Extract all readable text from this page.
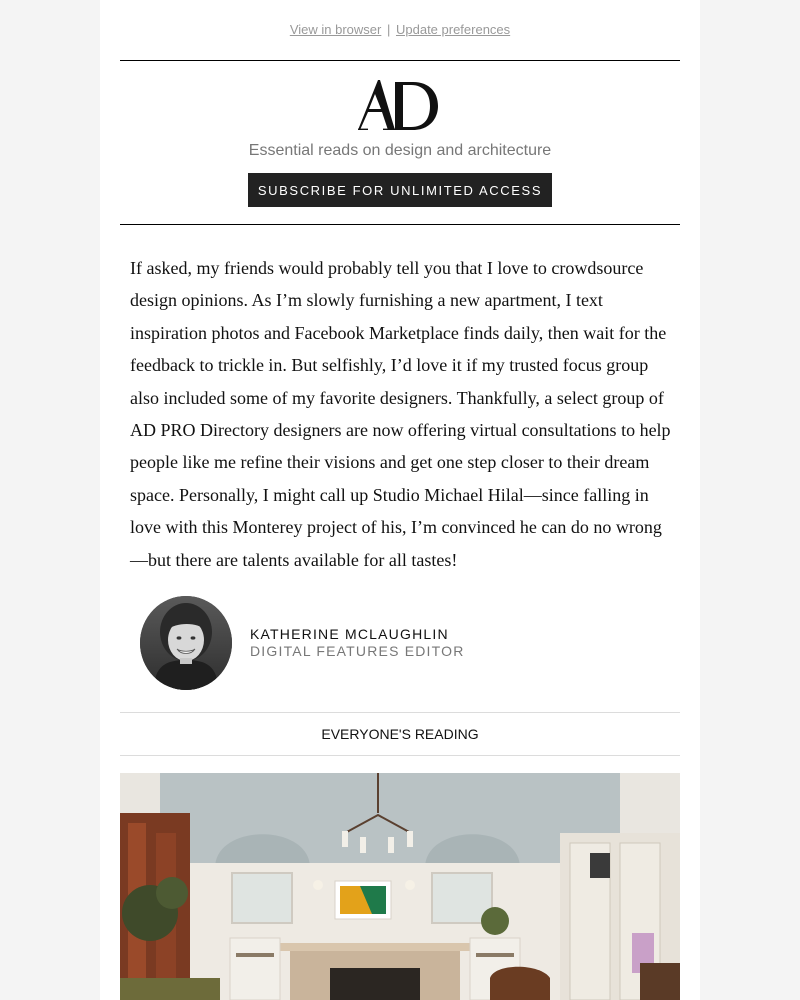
View in browser | Update preferences
Essential reads on design and architecture
SUBSCRIBE FOR UNLIMITED ACCESS

If asked, my friends would probably tell you that I love to crowdsource design opinions. As I’m slowly furnishing a new apartment, I text inspiration photos and Facebook Marketplace finds daily, then wait for the feedback to trickle in. But selfishly, I’d love it if my trusted focus group also included some of my favorite designers. Thankfully, a select group of AD PRO Directory designers are now offering virtual consultations to help people like me refine their visions and get one step closer to their dream space. Personally, I might call up Studio Michael Hilal—since falling in love with this Monterey project of his, I’m convinced he can do no wrong—but there are talents available for all tastes!

KATHERINE MCLAUGHLIN
DIGITAL FEATURES EDITOR
EVERYONE'S READING
